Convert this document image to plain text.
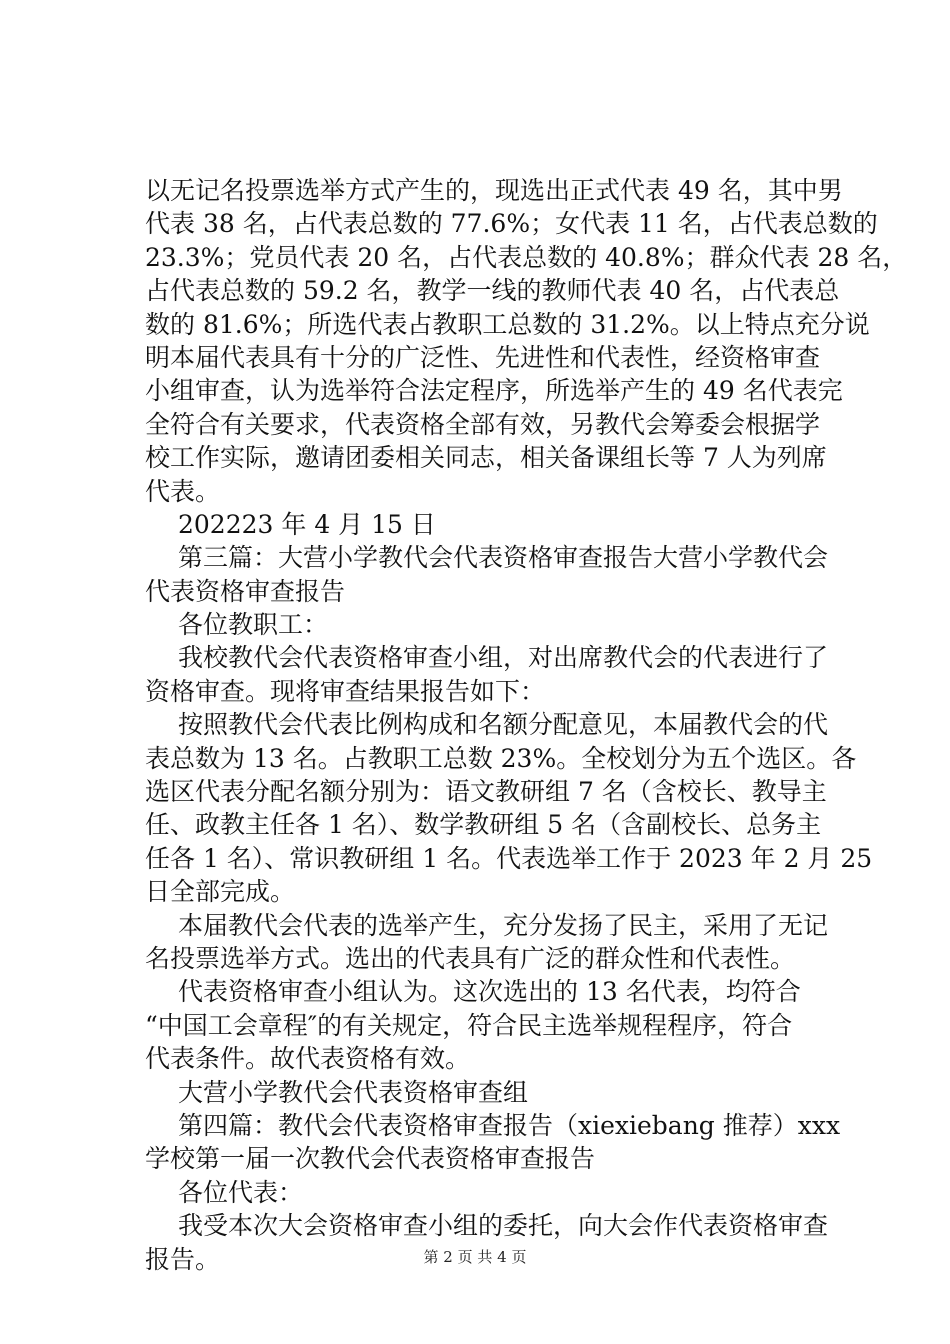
以无记名投票选举方式产生的，现选出正式代表 49 名，其中男
代表 38 名，占代表总数的 77.6%；女代表 11 名，占代表总数的
23.3%；党员代表 20 名，占代表总数的 40.8%；群众代表 28 名，
占代表总数的 59.2 名，教学一线的教师代表 40 名，占代表总
数的 81.6%；所选代表占教职工总数的 31.2%。以上特点充分说
明本届代表具有十分的广泛性、先进性和代表性，经资格审查
小组审查，认为选举符合法定程序，所选举产生的 49 名代表完
全符合有关要求，代表资格全部有效，另教代会筹委会根据学
校工作实际，邀请团委相关同志，相关备课组长等 7 人为列席
代表。
202223 年 4 月 15 日
第三篇：大营小学教代会代表资格审查报告大营小学教代会
代表资格审查报告
各位教职工：
我校教代会代表资格审查小组，对出席教代会的代表进行了
资格审查。现将审查结果报告如下：
按照教代会代表比例构成和名额分配意见，本届教代会的代
表总数为 13 名。占教职工总数 23%。全校划分为五个选区。各
选区代表分配名额分别为：语文教研组 7 名（含校长、教导主
任、政教主任各 1 名）、数学教研组 5 名（含副校长、总务主
任各 1 名）、常识教研组 1 名。代表选举工作于 2023 年 2 月 25
日全部完成。
本届教代会代表的选举产生，充分发扬了民主，采用了无记
名投票选举方式。选出的代表具有广泛的群众性和代表性。
代表资格审查小组认为。这次选出的 13 名代表，均符合
“中国工会章程″的有关规定，符合民主选举规程程序，符合
代表条件。故代表资格有效。
大营小学教代会代表资格审查组
第四篇：教代会代表资格审查报告（xiexiebang 推荐）xxx
学校第一届一次教代会代表资格审查报告
各位代表：
我受本次大会资格审查小组的委托，向大会作代表资格审查
报告。	第 2 页 共 4 页
